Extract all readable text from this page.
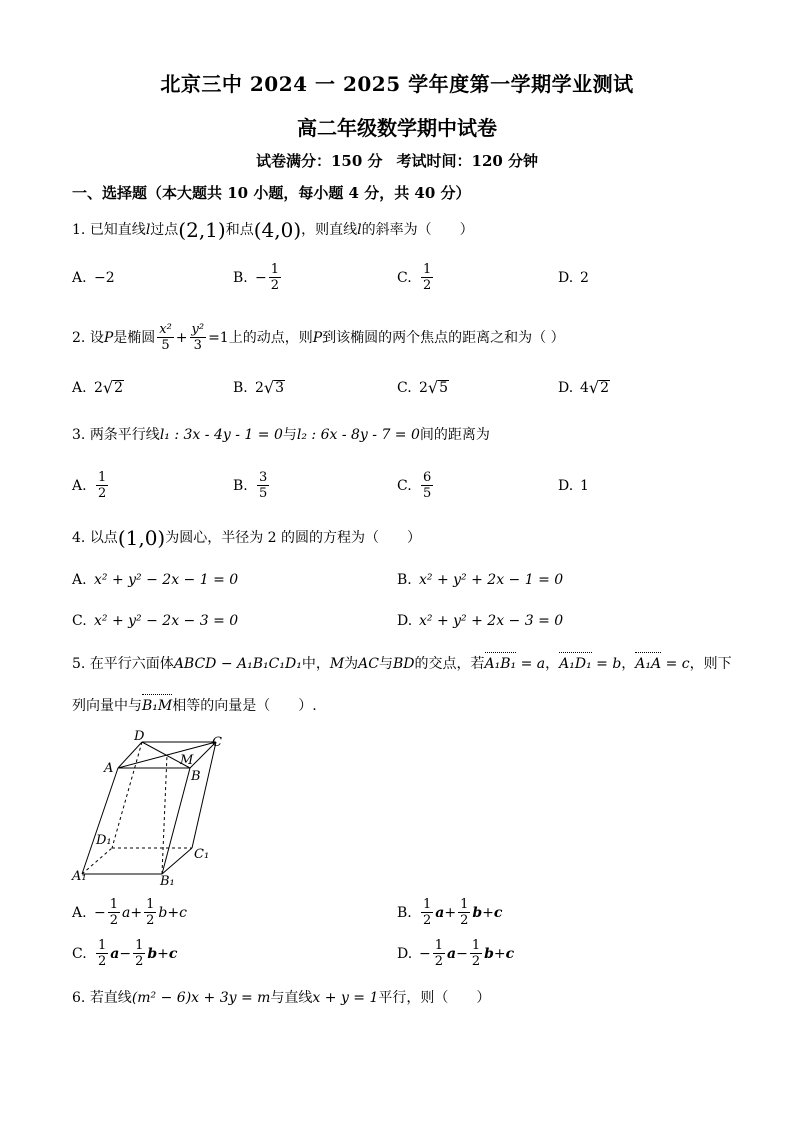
北京三中 2024 一 2025 学年度第一学期学业测试
高二年级数学期中试卷
试卷满分：150 分 考试时间：120 分钟
一、选择题（本大题共 10 小题，每小题 4 分，共 40 分）
1. 已知直线l过点(2,1)和点(4,0)，则直线l的斜率为（　　）
A. −2	B. − $\frac{1}{2}$	C. $\frac{1}{2}$	D. 2
2.
设 P 是椭圆 $\frac{\text{x²}}{5} + \frac{\text{y²}}{3} =1$上的动点，则 P 到该椭圆的两个焦点的距离之和为（ ）
A. 2 √ 2	B. 2 √ 3	C. 2 √ 5	D. 4 √ 2
3. 两条平行线l₁ : 3x - 4y - 1 = 0与l₂ : 6x - 8y - 7 = 0间的距离为
A. $\frac{1}{2}$	B. $\frac{3}{5}$	C. $\frac{6}{5}$	D. 1
4. 以点(1,0)为圆心，半径为 2 的圆的方程为（　　）
A. x² + y² − 2x − 1 = 0	B. x² + y² + 2x − 1 = 0
C. x² + y² − 2x − 3 = 0	D. x² + y² + 2x − 3 = 0
5. 在平行六面体ABCD − A₁B₁C₁D₁中，M为AC与BD的交点，若A₁B₁ = a，A₁D₁ = b，A₁A = c，则下
列向量中与B₁M相等的向量是（　　）.
D	C
A
M
B
D₁
C₁
A₁	B₁
A. − $\frac{1}{2}$ $a + \frac{1}{2}$ b + c	B. $\frac{1}{2}$ $a + \frac{1}{2}$ b + c
C. $\frac{1}{2}$ $a - \frac{1}{2}$ b + c	D. − $\frac{1}{2}$ $a - \frac{1}{2}$ b + c
6. 若直线(m² − 6)x + 3y = m与直线x + y = 1平行，则（　　）
